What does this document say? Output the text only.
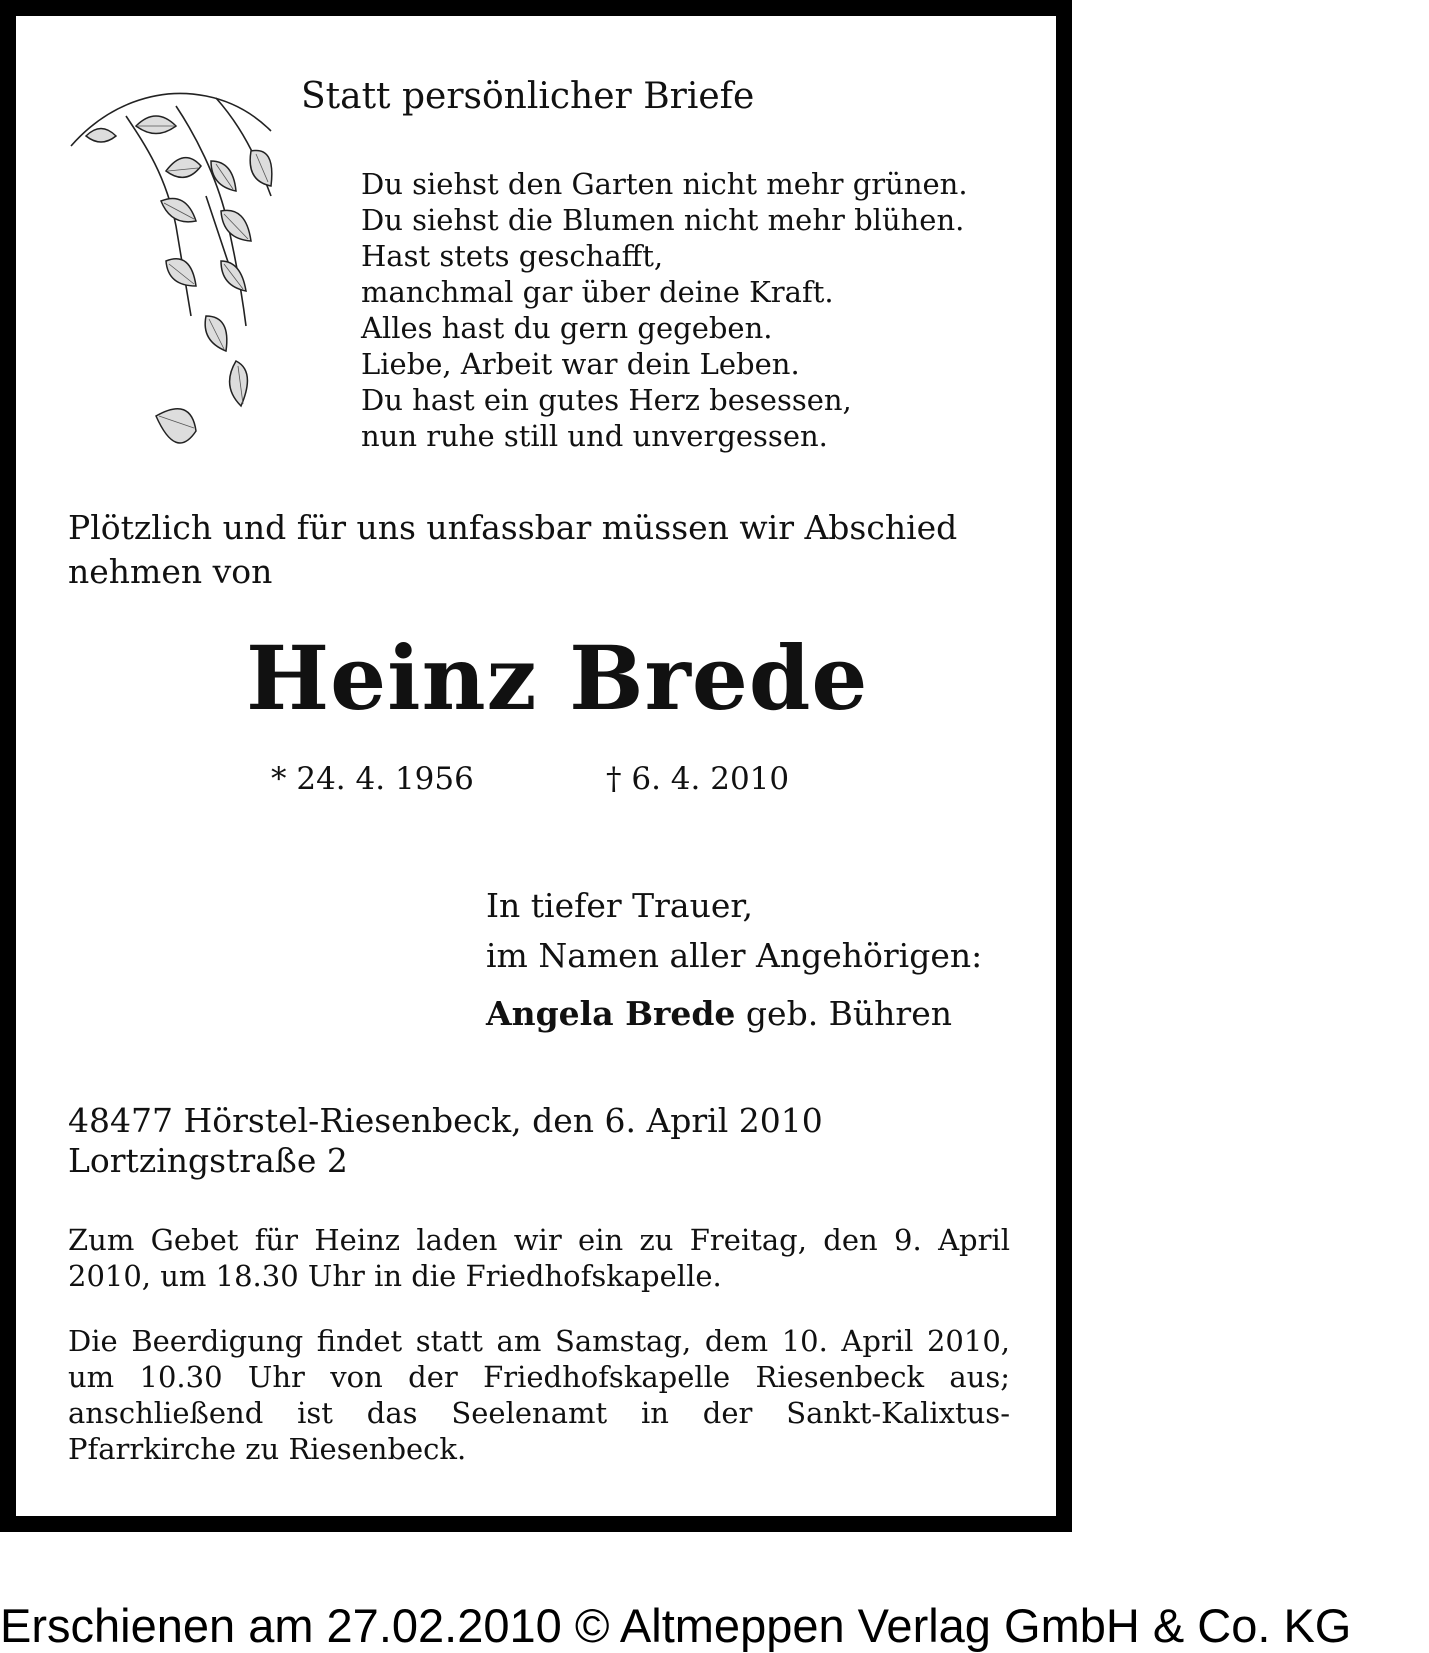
Statt persönlicher Briefe

Du siehst den Garten nicht mehr grünen.
Du siehst die Blumen nicht mehr blühen.
Hast stets geschafft,
manchmal gar über deine Kraft.
Alles hast du gern gegeben.
Liebe, Arbeit war dein Leben.
Du hast ein gutes Herz besessen,
nun ruhe still und unvergessen.

Plötzlich und für uns unfassbar müssen wir Abschied nehmen von

Heinz Brede

* 24. 4. 1956	† 6. 4. 2010

In tiefer Trauer,
im Namen aller Angehörigen:
Angela Brede geb. Bühren
48477 Hörstel-Riesenbeck, den 6. April 2010
Lortzingstraße 2

Zum Gebet für Heinz laden wir ein zu Freitag, den 9. April 2010, um 18.30 Uhr in die Friedhofskapelle.

Die Beerdigung findet statt am Samstag, dem 10. April 2010, um 10.30 Uhr von der Friedhofskapelle Riesenbeck aus; anschließend ist das Seelenamt in der Sankt-Kalixtus-Pfarrkirche zu Riesenbeck.

Erschienen am 27.02.2010 © Altmeppen Verlag GmbH & Co. KG
